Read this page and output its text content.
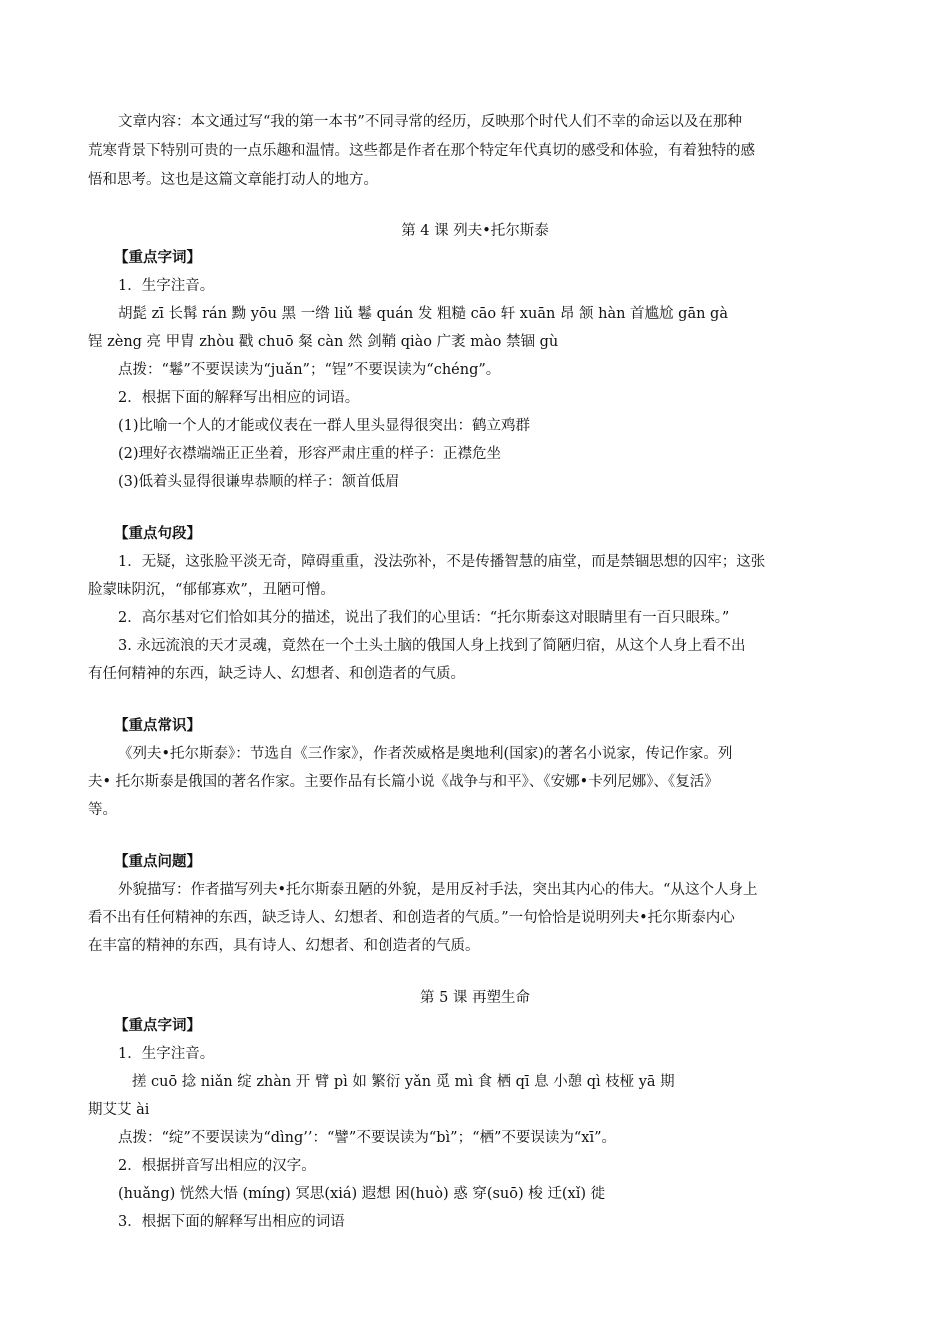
文章内容：本文通过写“我的第一本书”不同寻常的经历，反映那个时代人们不幸的命运以及在那种
荒寒背景下特别可贵的一点乐趣和温情。这些都是作者在那个特定年代真切的感受和体验，有着独特的感
悟和思考。这也是这篇文章能打动人的地方。
第 4 课 列夫•托尔斯泰
【重点字词】
1．生字注音。
胡髭 zī 长髯 rán 黝 yōu 黑 一绺 liǔ 鬈 quán 发 粗糙 cāo 轩 xuān 昂 颔 hàn 首尴尬 gān gà
锃 zèng 亮 甲胄 zhòu 戳 chuō 粲 càn 然 剑鞘 qiào 广袤 mào 禁锢 gù
点拨：“鬈”不要误读为“juǎn”；“锃”不要误读为“chéng”。
2．根据下面的解释写出相应的词语。
(1)比喻一个人的才能或仪表在一群人里头显得很突出：鹤立鸡群
(2)理好衣襟端端正正坐着，形容严肃庄重的样子：正襟危坐
(3)低着头显得很谦卑恭顺的样子：颔首低眉
【重点句段】
1．无疑，这张脸平淡无奇，障碍重重，没法弥补，不是传播智慧的庙堂，而是禁锢思想的囚牢；这张
脸蒙昧阴沉，“郁郁寡欢”，丑陋可憎。
2．高尔基对它们恰如其分的描述，说出了我们的心里话：“托尔斯泰这对眼睛里有一百只眼珠。”
3. 永远流浪的天才灵魂，竟然在一个土头土脑的俄国人身上找到了简陋归宿，从这个人身上看不出
有任何精神的东西，缺乏诗人、幻想者、和创造者的气质。
【重点常识】
《列夫•托尔斯泰》：节选自《三作家》，作者茨威格是奥地利(国家)的著名小说家，传记作家。列
夫• 托尔斯泰是俄国的著名作家。主要作品有长篇小说《战争与和平》、《安娜•卡列尼娜》、《复活》
等。
【重点问题】
外貌描写：作者描写列夫•托尔斯泰丑陋的外貌，是用反衬手法，突出其内心的伟大。“从这个人身上
看不出有任何精神的东西，缺乏诗人、幻想者、和创造者的气质。”一句恰恰是说明列夫•托尔斯泰内心
在丰富的精神的东西，具有诗人、幻想者、和创造者的气质。
第 5 课 再塑生命
【重点字词】
1．生字注音。
搓 cuō 捻 niǎn 绽 zhàn 开 臂 pì 如 繁衍 yǎn 觅 mì 食 栖 qī 息 小憩 qì 枝桠 yā 期
期艾艾 ài
点拨：“绽”不要误读为“dìng’’：“譬”不要误读为“bì”；“栖”不要误读为“xī”。
2．根据拼音写出相应的汉字。
(huǎng) 恍然大悟 (míng) 冥思(xiá) 遐想 困(huò) 惑 穿(suō) 梭 迁(xǐ) 徙
3．根据下面的解释写出相应的词语
